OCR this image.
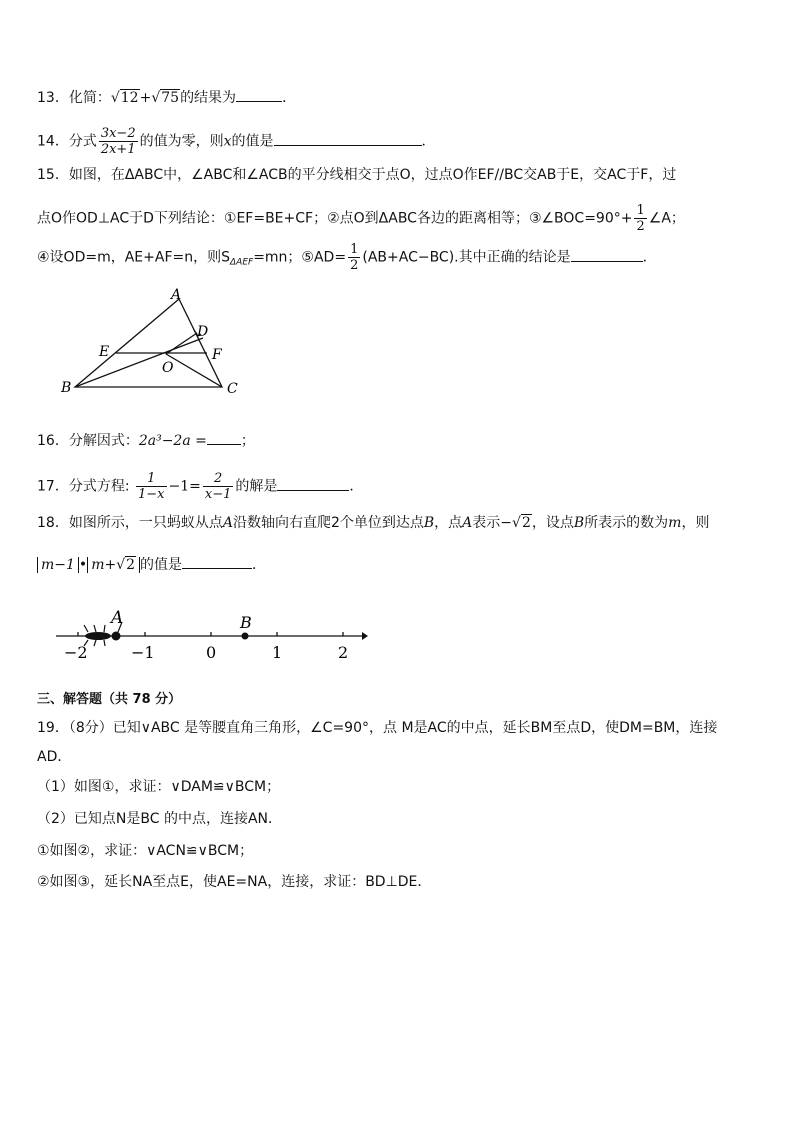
13．化简：√12+√75的结果为	．
14．分式 $\frac{3x-2}{2x+1}$ 的值为零，则x的值是	．
15．如图，在ΔABC中，∠ABC和∠ACB的平分线相交于点O，过点O作EF//BC交AB于E，交AC于F，过
点O作OD⊥AC于D下列结论：①EF=BE+CF；②点O到ΔABC各边的距离相等；③∠BOC=90°+ $\frac{1}{2}$ ∠A；
④设OD=m，AE+AF=n，则$S_{\Delta AEF}=mn$；⑤AD= $\frac{1}{2} (AB+AC-BC)$.其中正确的结论是	．
A
B	C
D
E	F
O
16．分解因式：2a³−2a = ；
17．分式方程: $\frac{1}{1-x} -1= \frac{2}{x-1}$ 的解是	．
18．如图所示，一只蚂蚁从点A沿数轴向右直爬2个单位到达点B，点A表示−√2，设点B所表示的数为m，则
m−1 • m+√2 的值是	．
A	B
−2	−1	0	1	2
三、解答题（共 78 分）
19．（8分）已知∨ABC 是等腰直角三角形，∠C=90°，点 M是AC的中点，延长BM至点D，使DM=BM，连接
AD．
（1）如图①，求证：∨DAM≌∨BCM；
（2）已知点N是BC 的中点，连接AN．
①如图②，求证：∨ACN≌∨BCM；
②如图③，延长NA至点E，使AE=NA，连接，求证：BD⊥DE．
